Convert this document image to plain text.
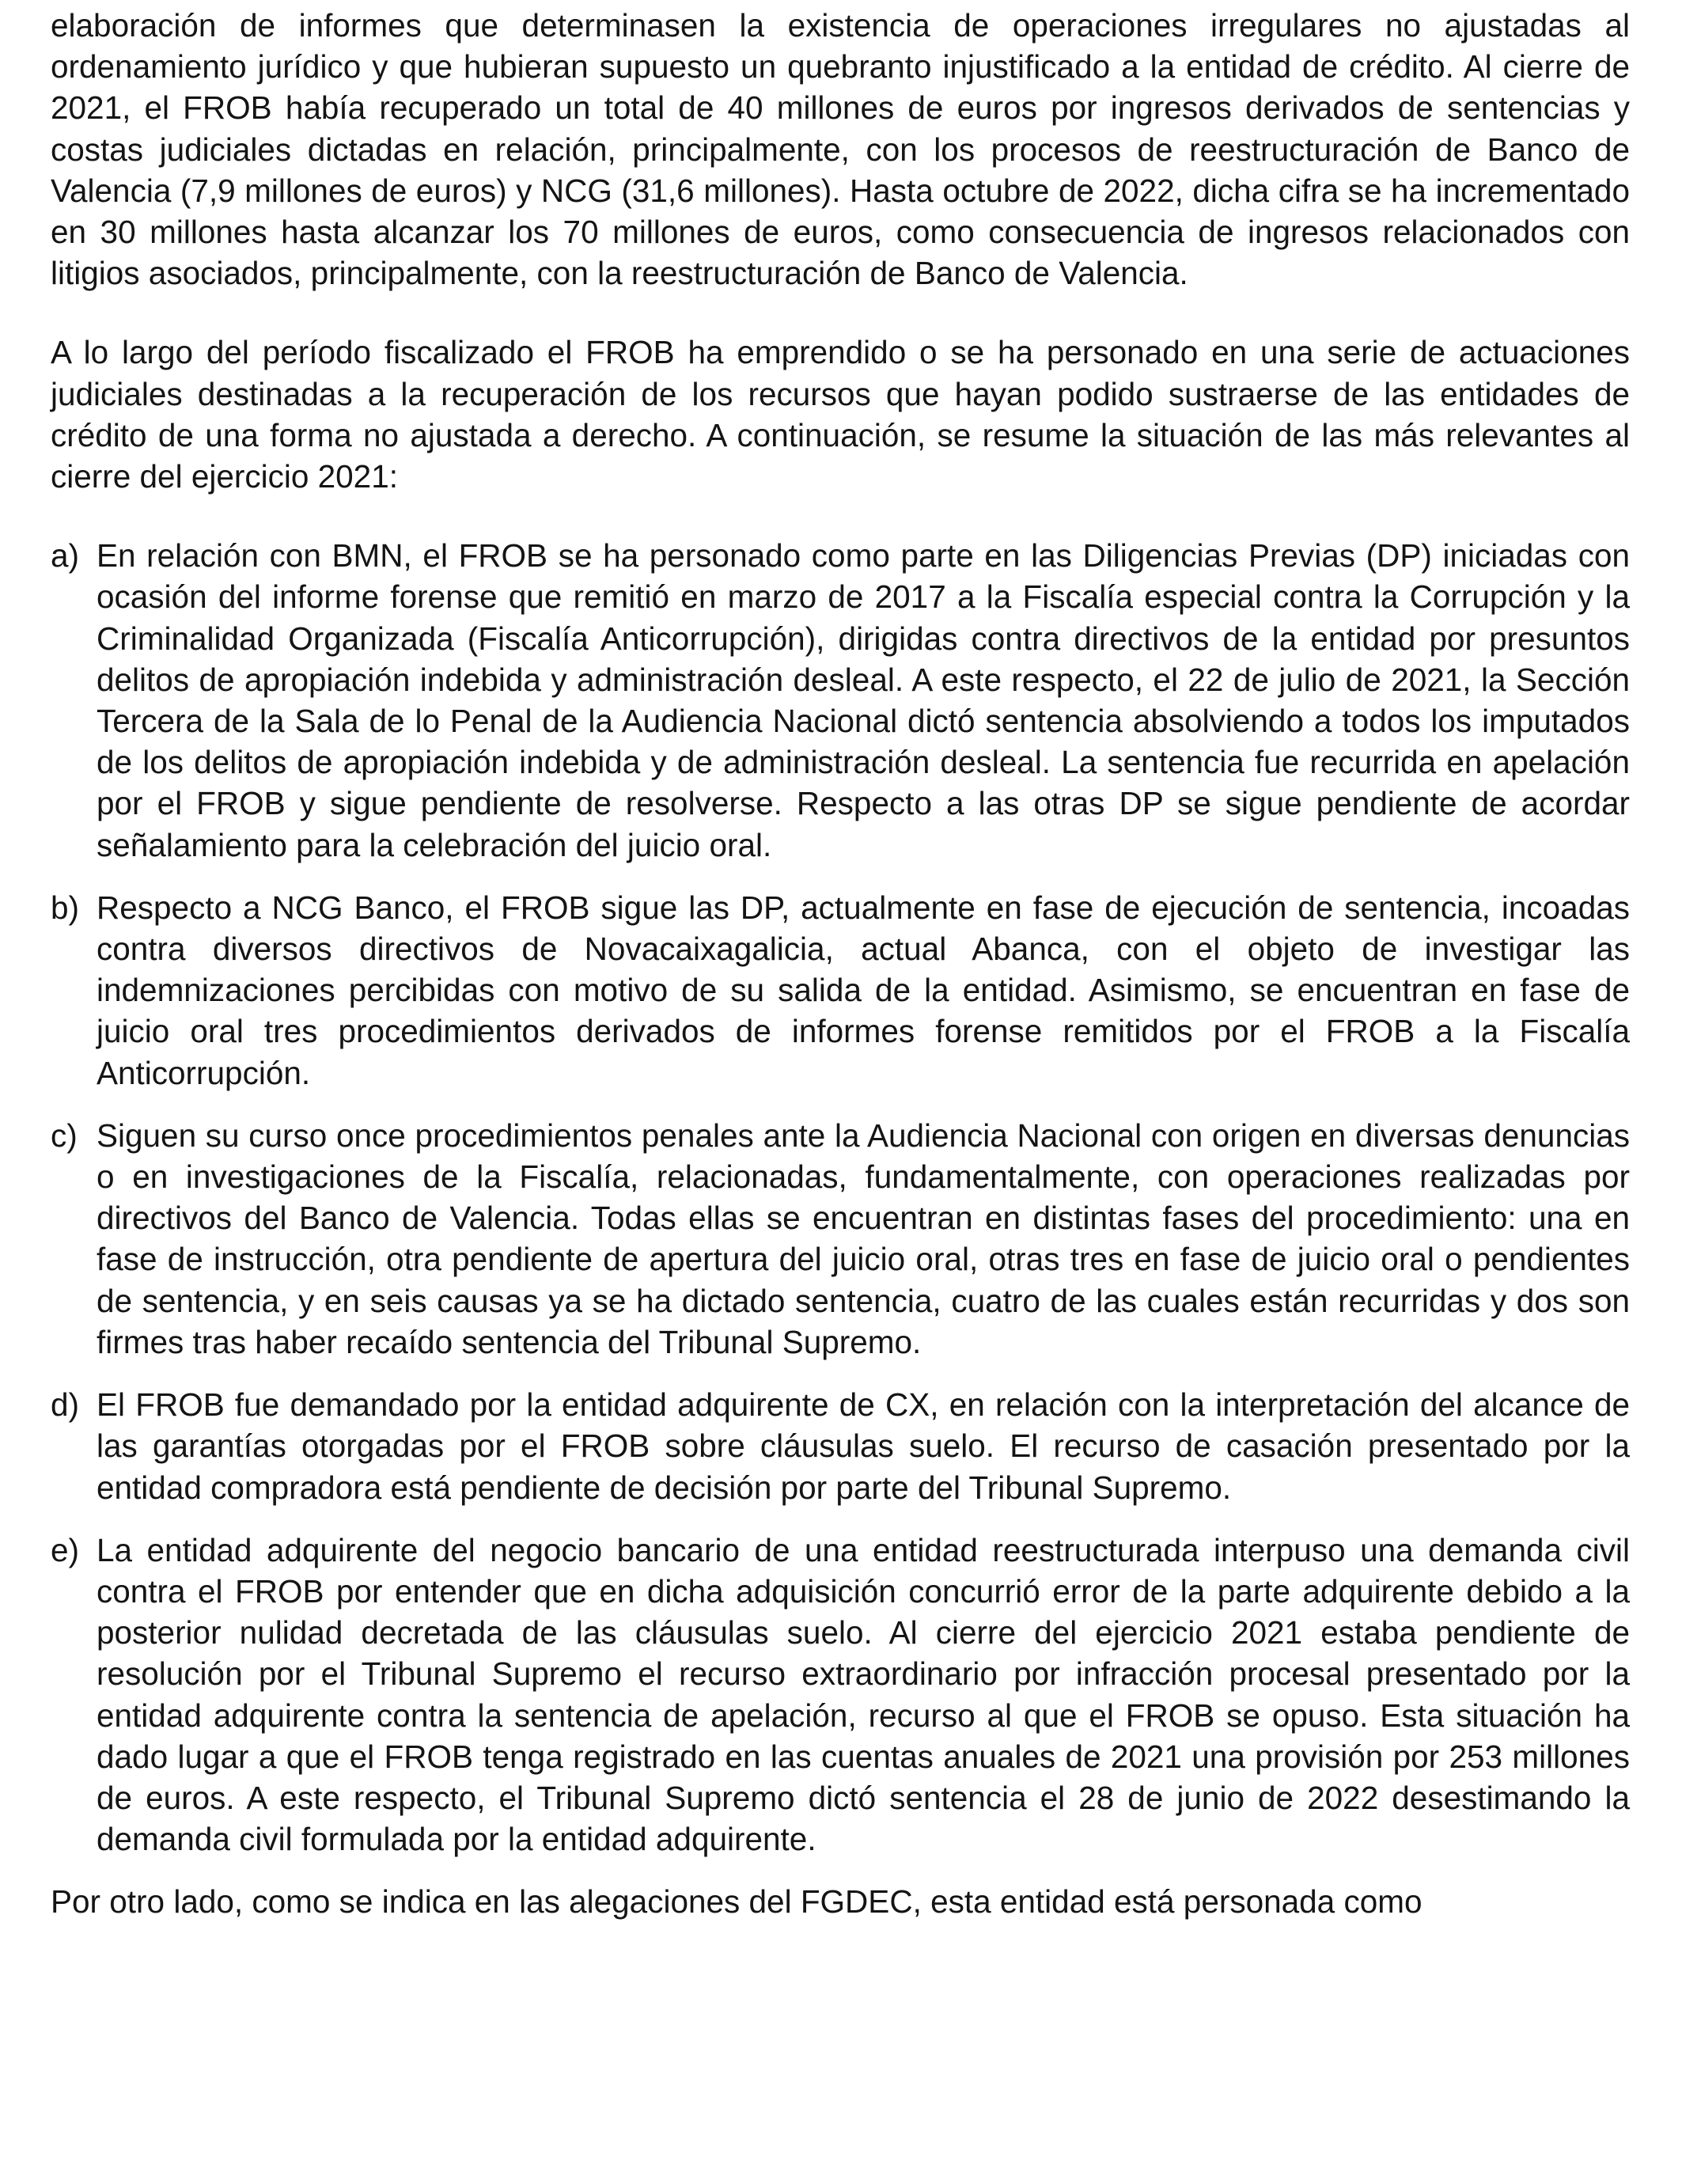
elaboración de informes que determinasen la existencia de operaciones irregulares no ajustadas al ordenamiento jurídico y que hubieran supuesto un quebranto injustificado a la entidad de crédito. Al cierre de 2021, el FROB había recuperado un total de 40 millones de euros por ingresos derivados de sentencias y costas judiciales dictadas en relación, principalmente, con los procesos de reestructuración de Banco de Valencia (7,9 millones de euros) y NCG (31,6 millones). Hasta octubre de 2022, dicha cifra se ha incrementado en 30 millones hasta alcanzar los 70 millones de euros, como consecuencia de ingresos relacionados con litigios asociados, principalmente, con la reestructuración de Banco de Valencia.

A lo largo del período fiscalizado el FROB ha emprendido o se ha personado en una serie de actuaciones judiciales destinadas a la recuperación de los recursos que hayan podido sustraerse de las entidades de crédito de una forma no ajustada a derecho. A continuación, se resume la situación de las más relevantes al cierre del ejercicio 2021:

a) En relación con BMN, el FROB se ha personado como parte en las Diligencias Previas (DP) iniciadas con ocasión del informe forense que remitió en marzo de 2017 a la Fiscalía especial contra la Corrupción y la Criminalidad Organizada (Fiscalía Anticorrupción), dirigidas contra directivos de la entidad por presuntos delitos de apropiación indebida y administración desleal. A este respecto, el 22 de julio de 2021, la Sección Tercera de la Sala de lo Penal de la Audiencia Nacional dictó sentencia absolviendo a todos los imputados de los delitos de apropiación indebida y de administración desleal. La sentencia fue recurrida en apelación por el FROB y sigue pendiente de resolverse. Respecto a las otras DP se sigue pendiente de acordar señalamiento para la celebración del juicio oral.
b) Respecto a NCG Banco, el FROB sigue las DP, actualmente en fase de ejecución de sentencia, incoadas contra diversos directivos de Novacaixagalicia, actual Abanca, con el objeto de investigar las indemnizaciones percibidas con motivo de su salida de la entidad. Asimismo, se encuentran en fase de juicio oral tres procedimientos derivados de informes forense remitidos por el FROB a la Fiscalía Anticorrupción.
c) Siguen su curso once procedimientos penales ante la Audiencia Nacional con origen en diversas denuncias o en investigaciones de la Fiscalía, relacionadas, fundamentalmente, con operaciones realizadas por directivos del Banco de Valencia. Todas ellas se encuentran en distintas fases del procedimiento: una en fase de instrucción, otra pendiente de apertura del juicio oral, otras tres en fase de juicio oral o pendientes de sentencia, y en seis causas ya se ha dictado sentencia, cuatro de las cuales están recurridas y dos son firmes tras haber recaído sentencia del Tribunal Supremo.
d) El FROB fue demandado por la entidad adquirente de CX, en relación con la interpretación del alcance de las garantías otorgadas por el FROB sobre cláusulas suelo. El recurso de casación presentado por la entidad compradora está pendiente de decisión por parte del Tribunal Supremo.
e) La entidad adquirente del negocio bancario de una entidad reestructurada interpuso una demanda civil contra el FROB por entender que en dicha adquisición concurrió error de la parte adquirente debido a la posterior nulidad decretada de las cláusulas suelo. Al cierre del ejercicio 2021 estaba pendiente de resolución por el Tribunal Supremo el recurso extraordinario por infracción procesal presentado por la entidad adquirente contra la sentencia de apelación, recurso al que el FROB se opuso. Esta situación ha dado lugar a que el FROB tenga registrado en las cuentas anuales de 2021 una provisión por 253 millones de euros. A este respecto, el Tribunal Supremo dictó sentencia el 28 de junio de 2022 desestimando la demanda civil formulada por la entidad adquirente.

Por otro lado, como se indica en las alegaciones del FGDEC, esta entidad está personada como
